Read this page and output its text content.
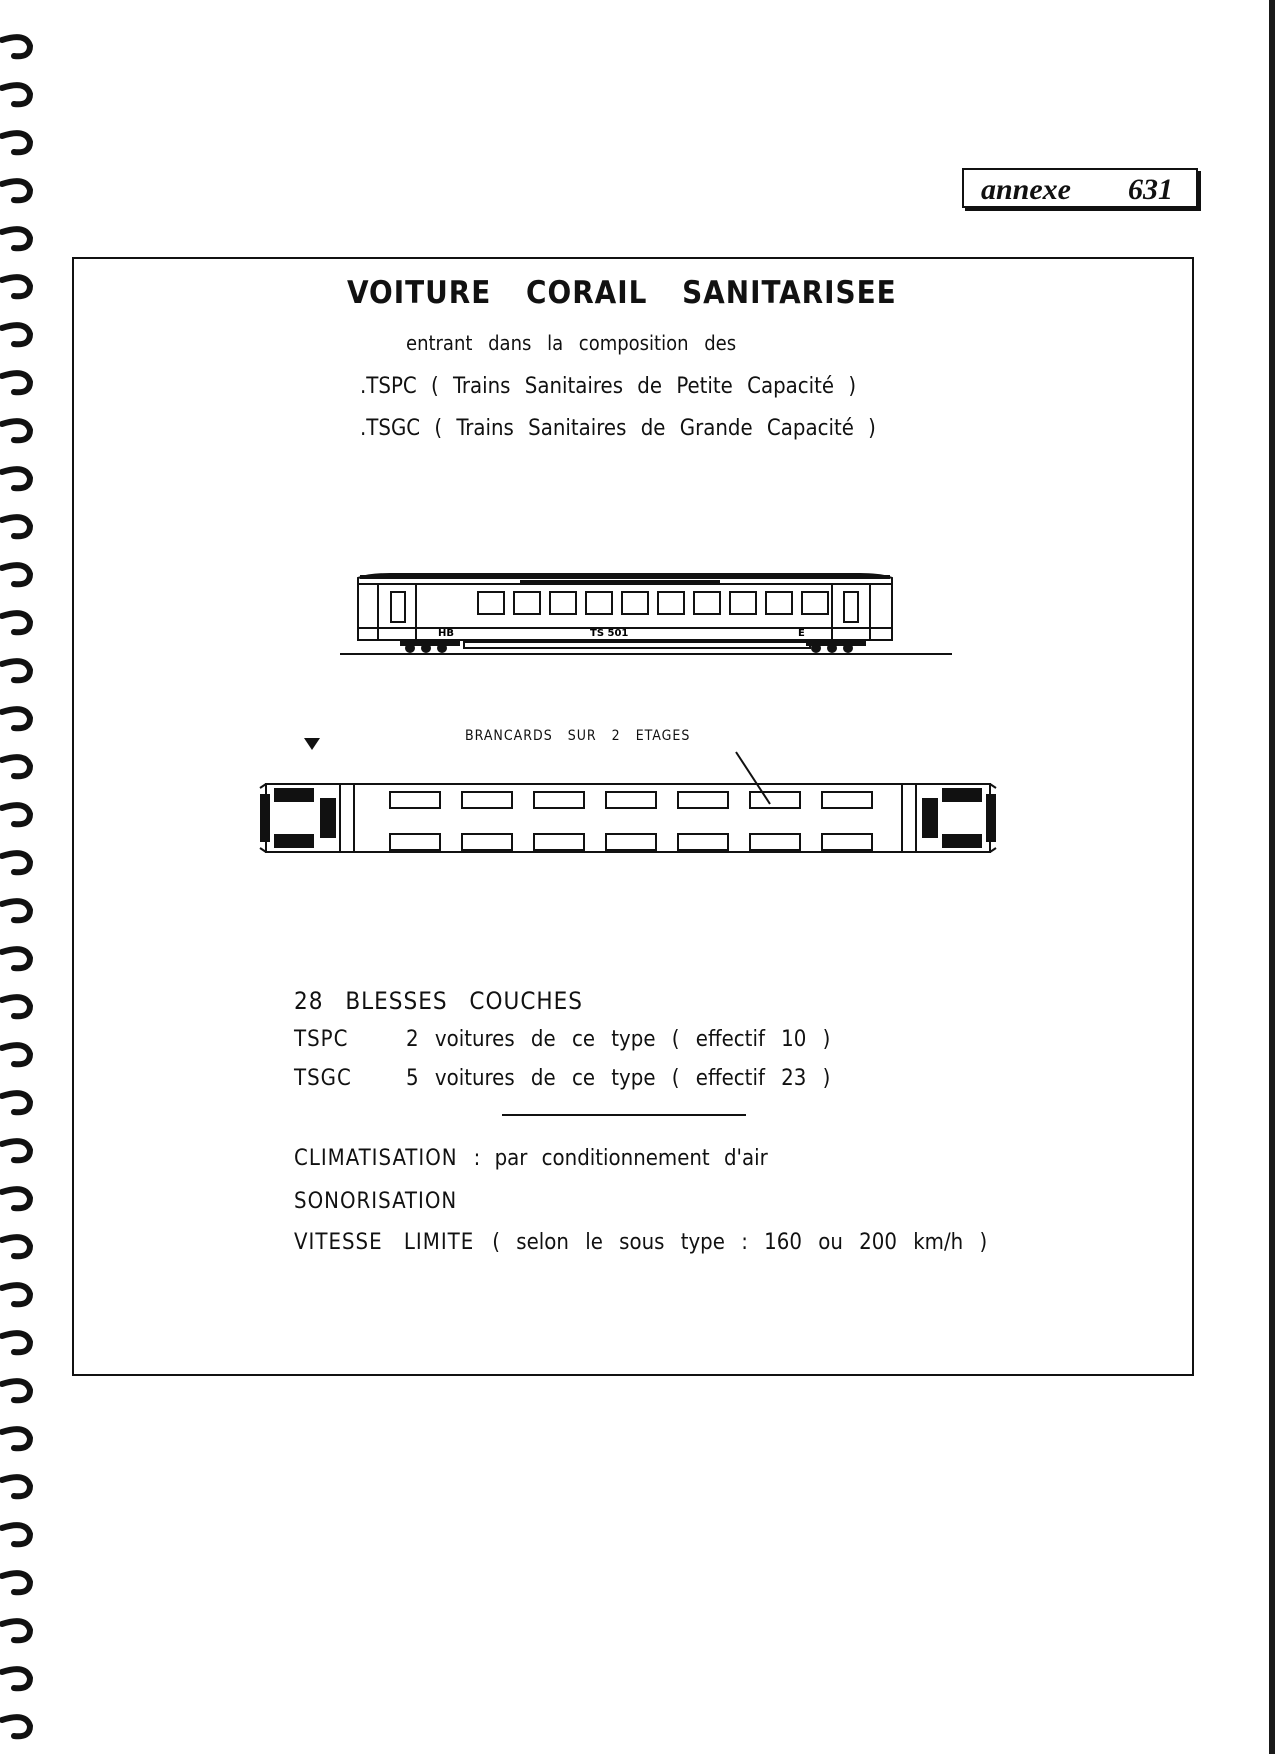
annexe 631
VOITURE CORAIL SANITARISEE
entrant dans la composition des
.TSPC ( Trains Sanitaires de Petite Capacité )
.TSGC ( Trains Sanitaires de Grande Capacité )
HB	TS 501	E
BRANCARDS SUR 2 ETAGES
28 BLESSES COUCHES
TSPC	2 voitures de ce type ( effectif 10 )
TSGC 5 voitures de ce type ( effectif 23 )
CLIMATISATION : par conditionnement d'air
SONORISATION
VITESSE LIMITE ( selon le sous type : 160 ou 200 km/h )
